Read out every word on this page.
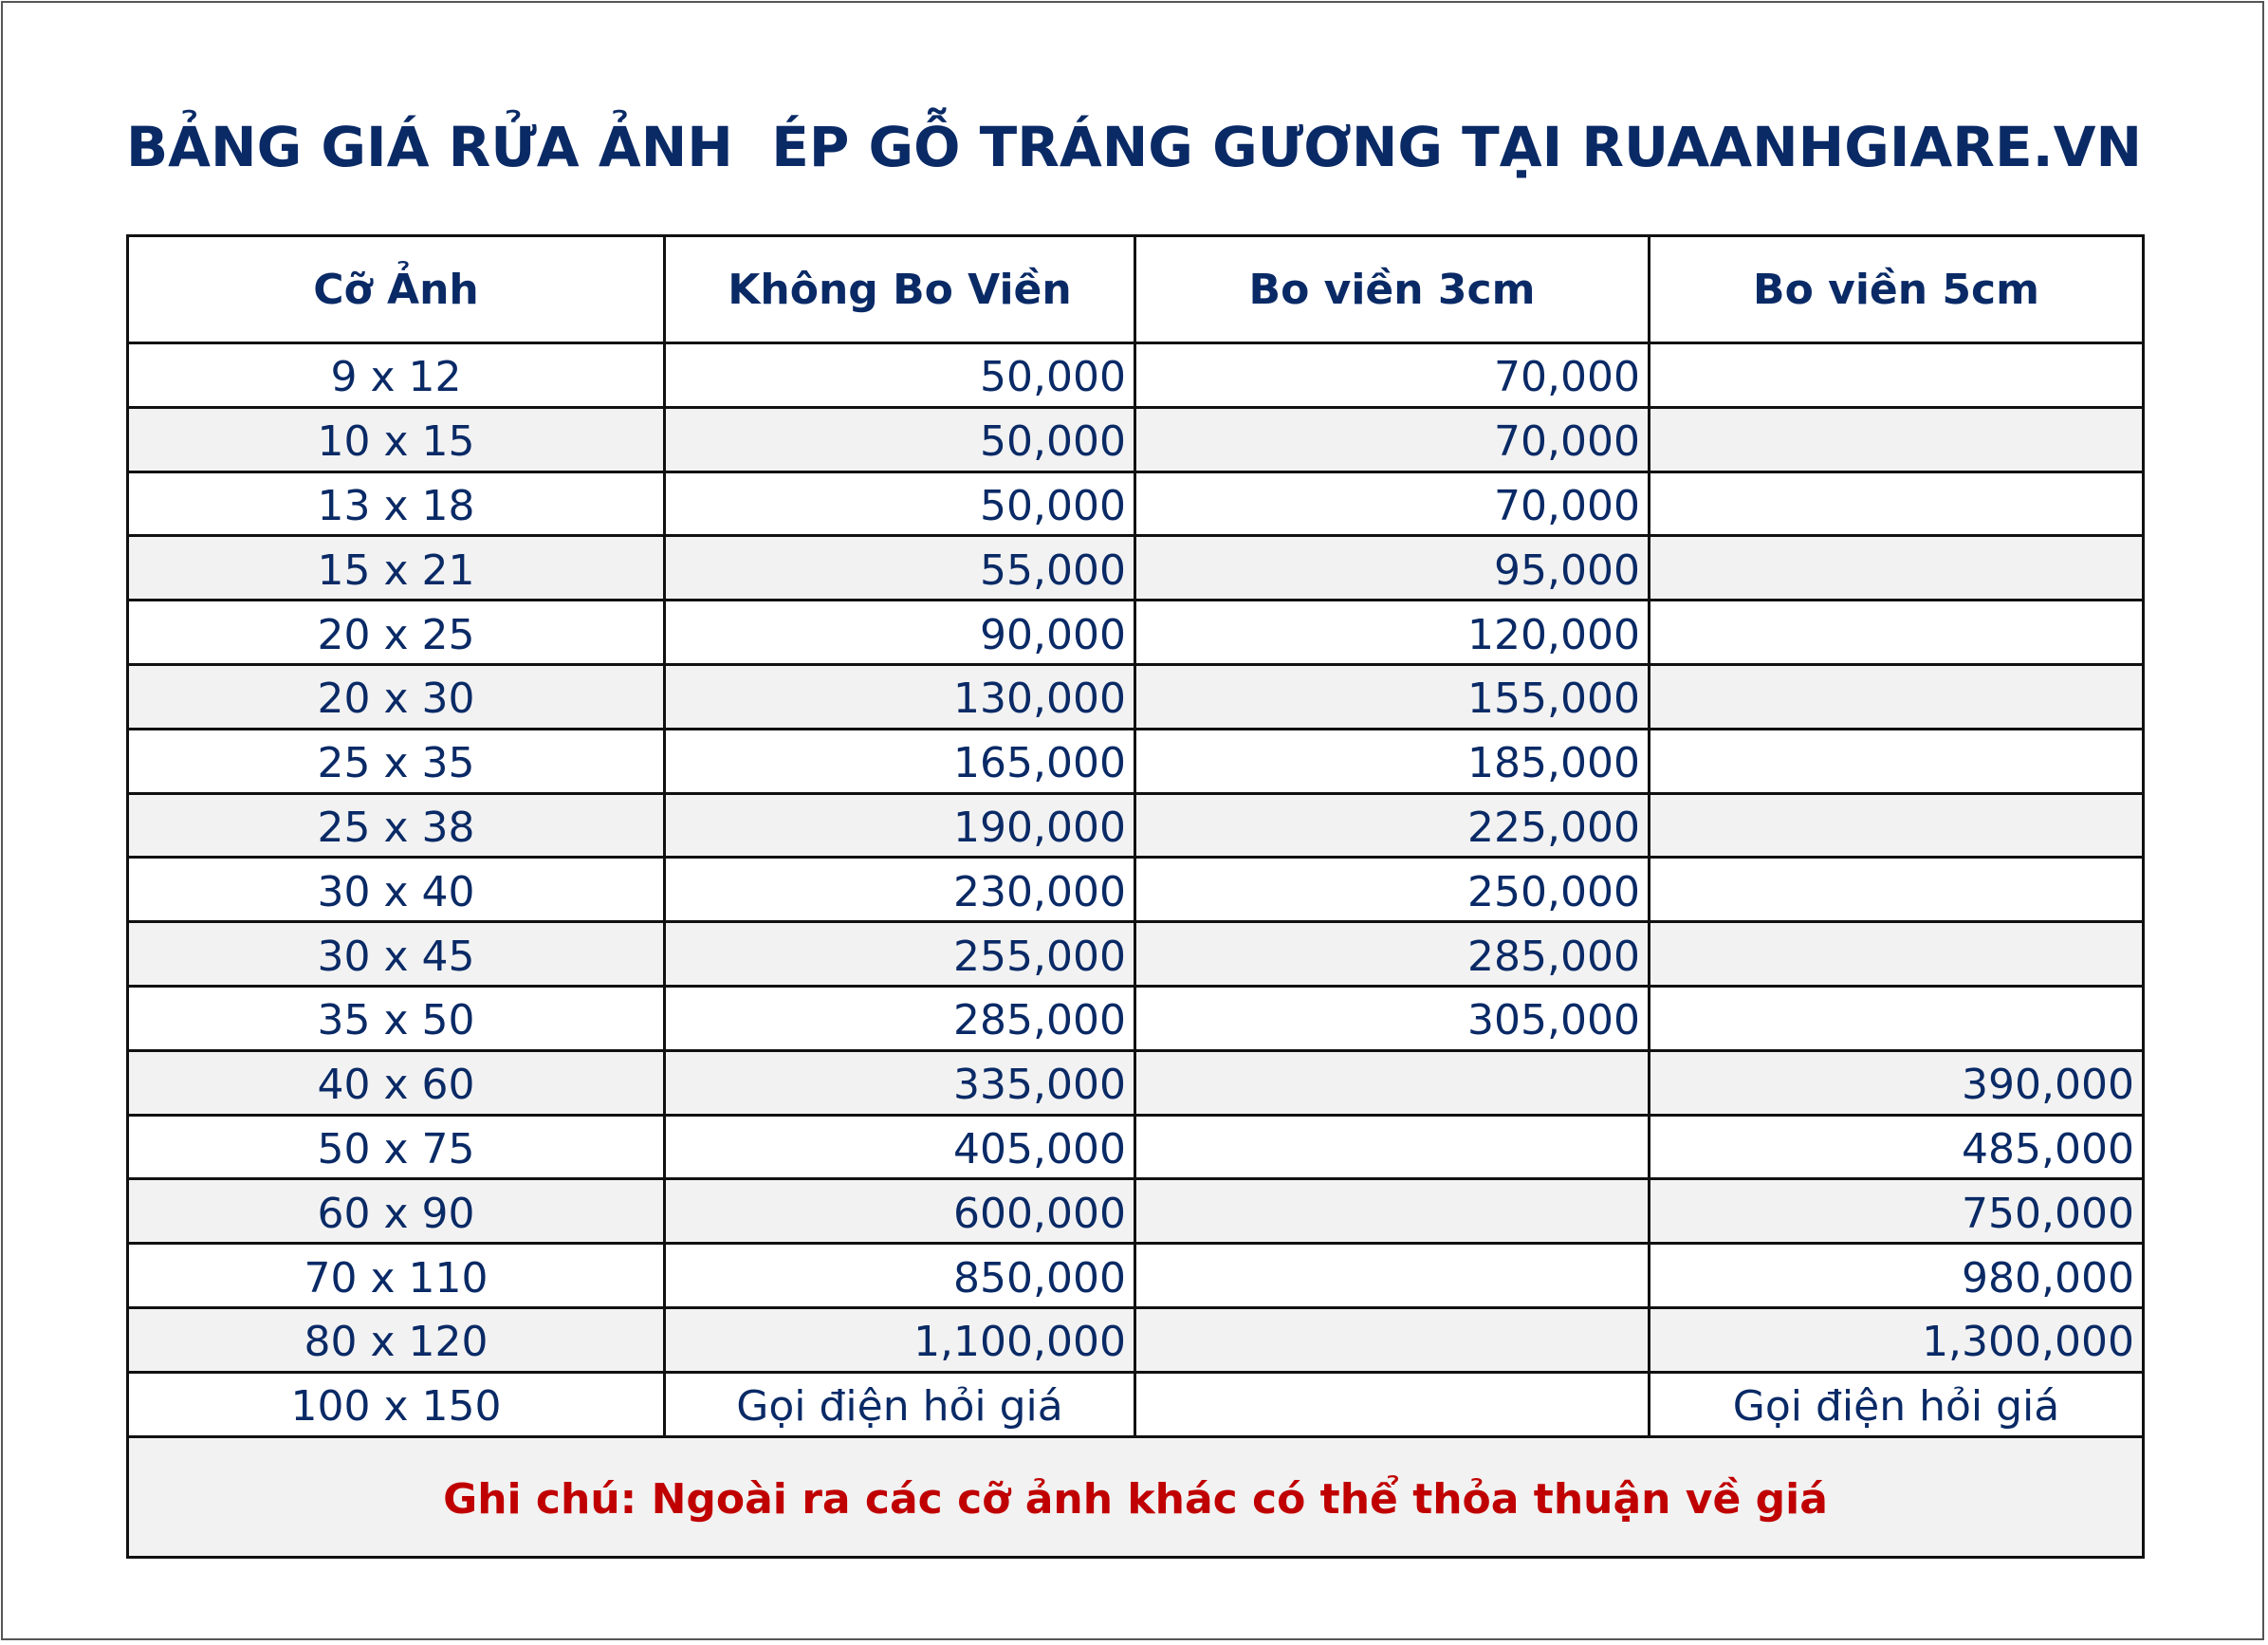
BẢNG GIÁ RỬA ẢNH  ÉP GỖ TRÁNG GƯƠNG TẠI RUAANHGIARE.VN
Cỡ Ảnh	Không Bo Viền	Bo viền 3cm	Bo viền 5cm
9 x 12	50,000	70,000	
10 x 15	50,000	70,000	
13 x 18	50,000	70,000	
15 x 21	55,000	95,000	
20 x 25	90,000	120,000	
20 x 30	130,000	155,000	
25 x 35	165,000	185,000	
25 x 38	190,000	225,000	
30 x 40	230,000	250,000	
30 x 45	255,000	285,000	
35 x 50	285,000	305,000	
40 x 60	335,000		390,000
50 x 75	405,000		485,000
60 x 90	600,000		750,000
70 x 110	850,000		980,000
80 x 120	1,100,000		1,300,000
100 x 150	Gọi điện hỏi giá		Gọi điện hỏi giá
Ghi chú: Ngoài ra các cỡ ảnh khác có thể thỏa thuận về giá			
